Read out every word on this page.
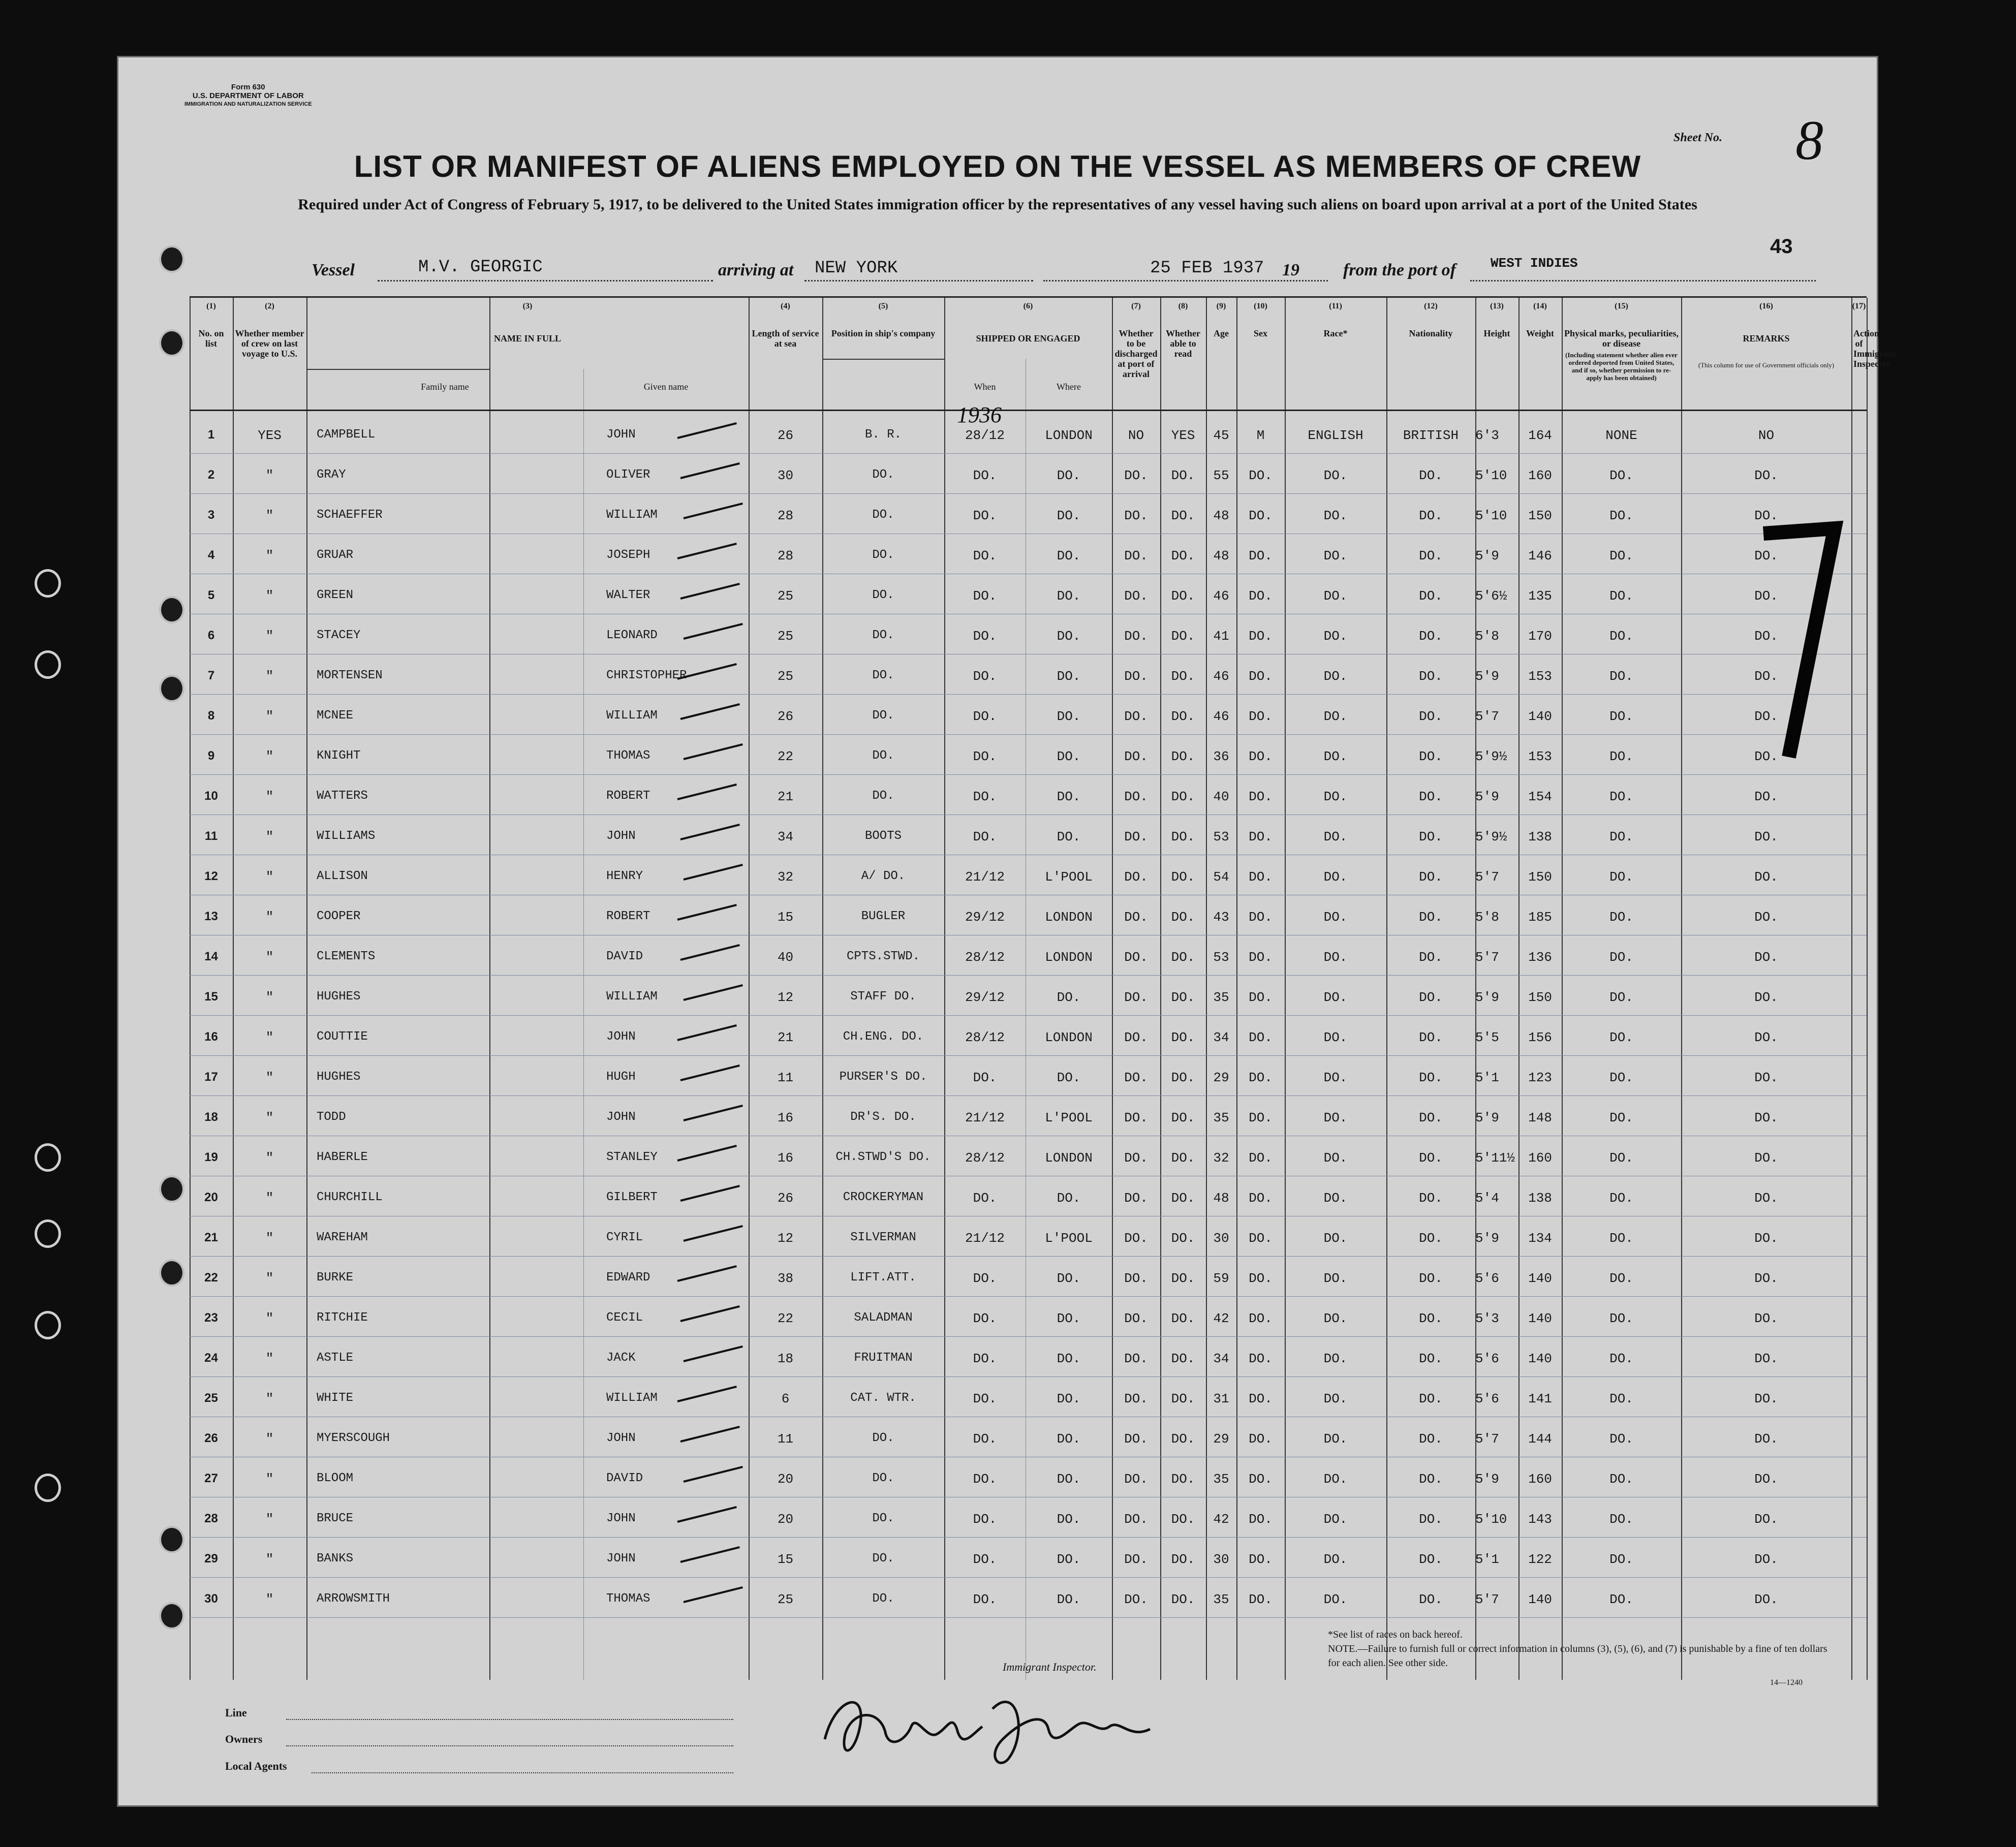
Form 630
U.S. DEPARTMENT OF LABOR
IMMIGRATION AND NATURALIZATION SERVICE
Sheet No. 8
43
LIST OR MANIFEST OF ALIENS EMPLOYED ON THE VESSEL AS MEMBERS OF CREW
Required under Act of Congress of February 5, 1917, to be delivered to the United States immigration officer by the representatives of any vessel having such aliens on board upon arrival at a port of the United States
Vessel	M.V. GEORGIC	arriving at NEW YORK	25 FEB 1937 19	from the port of	WEST INDIES
(1)
No. on list
(2)
Whether member of crew on last voyage to U.S.
(3)
NAME IN FULL
(4)
Length of service at sea
(5)
Position in ship's company
(6)
SHIPPED OR ENGAGED
(7)
Whether to be discharged at port of arrival
(8)
Whether able to read
(9)
Age
(10)
Sex
(11)
Race*
(12)
Nationality
(13)
Height
(14)
Weight
(15)
Physical marks, peculiarities, or disease
(16)
REMARKS
(17)
Action of Immigrant Inspector
Family name	Given name	When	Where
(Including statement whether alien ever ordered deported from United States, and if so, whether permission to re-apply has been obtained)
(This column for use of Government officials only)
1936
1	YES	CAMPBELL	JOHN	26	B. R.	28/12	LONDON	NO	YES	45	M	ENGLISH	BRITISH	6'3	164	NONE	NO
2	"	GRAY	OLIVER	30	DO.	DO.	DO.	DO.	DO.	55	DO.	DO.	DO.	5'10	160	DO.	DO.
3	"	SCHAEFFER	WILLIAM	28	DO.	DO.	DO.	DO.	DO.	48	DO.	DO.	DO.	5'10	150	DO.	DO.
4	"	GRUAR	JOSEPH	28	DO.	DO.	DO.	DO.	DO.	48	DO.	DO.	DO.	5'9	146	DO.	DO.
5	"	GREEN	WALTER	25	DO.	DO.	DO.	DO.	DO.	46	DO.	DO.	DO.	5'6½	135	DO.	DO.
6	"	STACEY	LEONARD	25	DO.	DO.	DO.	DO.	DO.	41	DO.	DO.	DO.	5'8	170	DO.	DO.
7	"	MORTENSEN	CHRISTOPHER	25	DO.	DO.	DO.	DO.	DO.	46	DO.	DO.	DO.	5'9	153	DO.	DO.
8	"	MCNEE	WILLIAM	26	DO.	DO.	DO.	DO.	DO.	46	DO.	DO.	DO.	5'7	140	DO.	DO.
9	"	KNIGHT	THOMAS	22	DO.	DO.	DO.	DO.	DO.	36	DO.	DO.	DO.	5'9½	153	DO.	DO.
10	"	WATTERS	ROBERT	21	DO.	DO.	DO.	DO.	DO.	40	DO.	DO.	DO.	5'9	154	DO.	DO.
11	"	WILLIAMS	JOHN	34	BOOTS	DO.	DO.	DO.	DO.	53	DO.	DO.	DO.	5'9½	138	DO.	DO.
12	"	ALLISON	HENRY	32	A/ DO.	21/12	L'POOL	DO.	DO.	54	DO.	DO.	DO.	5'7	150	DO.	DO.
13	"	COOPER	ROBERT	15	BUGLER	29/12	LONDON	DO.	DO.	43	DO.	DO.	DO.	5'8	185	DO.	DO.
14	"	CLEMENTS	DAVID	40	CPTS.STWD.	28/12	LONDON	DO.	DO.	53	DO.	DO.	DO.	5'7	136	DO.	DO.
15	"	HUGHES	WILLIAM	12	STAFF DO.	29/12	DO.	DO.	DO.	35	DO.	DO.	DO.	5'9	150	DO.	DO.
16	"	COUTTIE	JOHN	21	CH.ENG. DO.	28/12	LONDON	DO.	DO.	34	DO.	DO.	DO.	5'5	156	DO.	DO.
17	"	HUGHES	HUGH	11	PURSER'S DO.	DO.	DO.	DO.	DO.	29	DO.	DO.	DO.	5'1	123	DO.	DO.
18	"	TODD	JOHN	16	DR'S. DO.	21/12	L'POOL	DO.	DO.	35	DO.	DO.	DO.	5'9	148	DO.	DO.
19	"	HABERLE	STANLEY	16	CH.STWD'S DO.	28/12	LONDON	DO.	DO.	32	DO.	DO.	DO.	5'11½	160	DO.	DO.
20	"	CHURCHILL	GILBERT	26	CROCKERYMAN	DO.	DO.	DO.	DO.	48	DO.	DO.	DO.	5'4	138	DO.	DO.
21	"	WAREHAM	CYRIL	12	SILVERMAN	21/12	L'POOL	DO.	DO.	30	DO.	DO.	DO.	5'9	134	DO.	DO.
22	"	BURKE	EDWARD	38	LIFT.ATT.	DO.	DO.	DO.	DO.	59	DO.	DO.	DO.	5'6	140	DO.	DO.
23	"	RITCHIE	CECIL	22	SALADMAN	DO.	DO.	DO.	DO.	42	DO.	DO.	DO.	5'3	140	DO.	DO.
24	"	ASTLE	JACK	18	FRUITMAN	DO.	DO.	DO.	DO.	34	DO.	DO.	DO.	5'6	140	DO.	DO.
25	"	WHITE	WILLIAM	6	CAT. WTR.	DO.	DO.	DO.	DO.	31	DO.	DO.	DO.	5'6	141	DO.	DO.
26	"	MYERSCOUGH	JOHN	11	DO.	DO.	DO.	DO.	DO.	29	DO.	DO.	DO.	5'7	144	DO.	DO.
27	"	BLOOM	DAVID	20	DO.	DO.	DO.	DO.	DO.	35	DO.	DO.	DO.	5'9	160	DO.	DO.
28	"	BRUCE	JOHN	20	DO.	DO.	DO.	DO.	DO.	42	DO.	DO.	DO.	5'10	143	DO.	DO.
29	"	BANKS	JOHN	15	DO.	DO.	DO.	DO.	DO.	30	DO.	DO.	DO.	5'1	122	DO.	DO.
30	"	ARROWSMITH	THOMAS	25	DO.	DO.	DO.	DO.	DO.	35	DO.	DO.	DO.	5'7	140	DO.	DO.
Line
Owners
Local Agents
Immigrant Inspector.
*See list of races on back hereof.
NOTE.—Failure to furnish full or correct information in columns (3), (5), (6), and (7) is punishable by a fine of ten dollars for each alien. See other side.
14—1240
